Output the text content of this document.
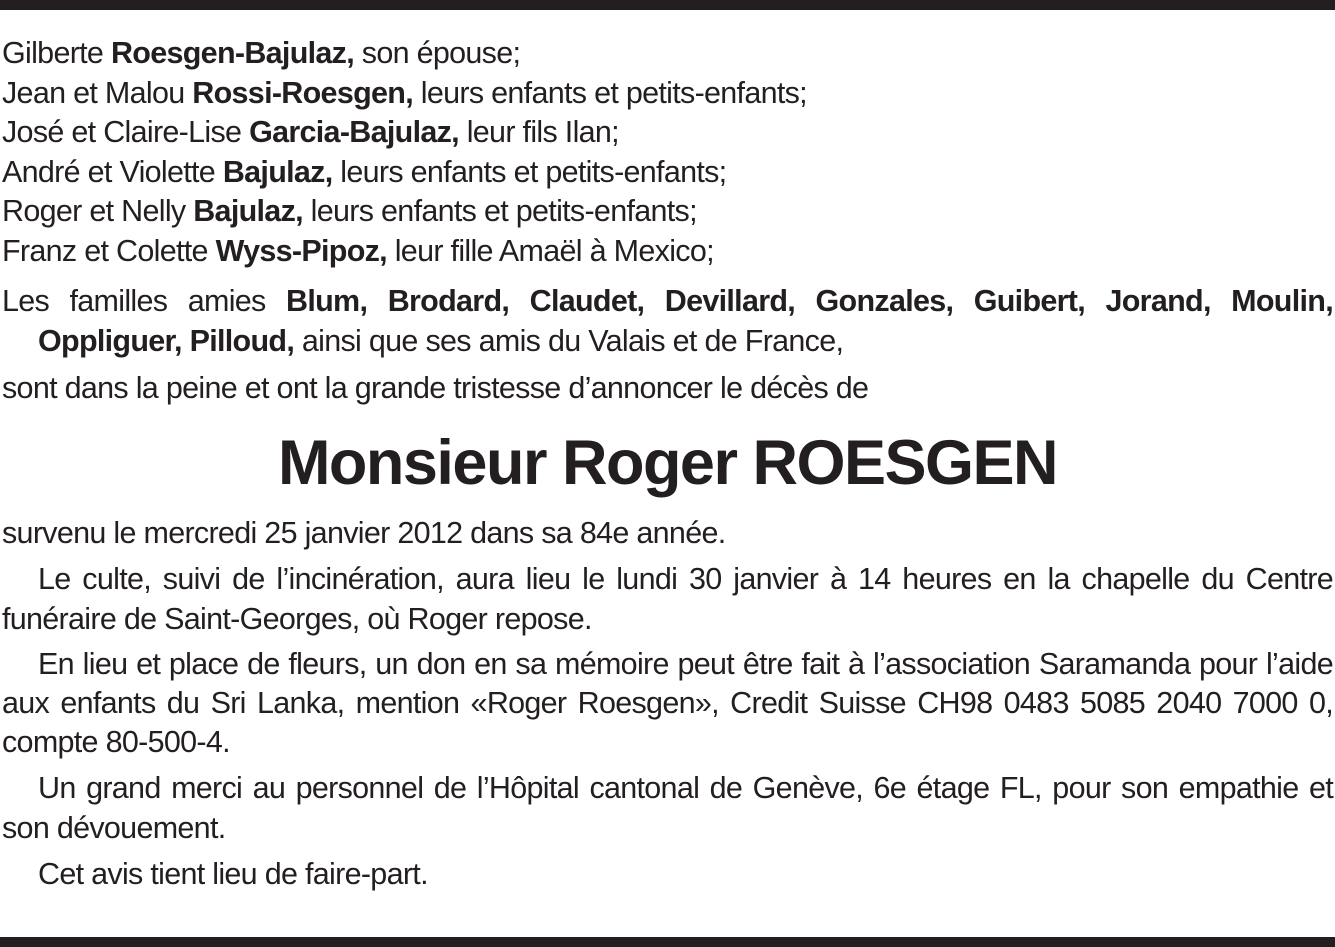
Gilberte Roesgen-Bajulaz, son épouse;
Jean et Malou Rossi-Roesgen, leurs enfants et petits-enfants;
José et Claire-Lise Garcia-Bajulaz, leur fils Ilan;
André et Violette Bajulaz, leurs enfants et petits-enfants;
Roger et Nelly Bajulaz, leurs enfants et petits-enfants;
Franz et Colette Wyss-Pipoz, leur fille Amaël à Mexico;
Les familles amies Blum, Brodard, Claudet, Devillard, Gonzales, Guibert, Jorand, Moulin, Oppliguer, Pilloud, ainsi que ses amis du Valais et de France,
sont dans la peine et ont la grande tristesse d’annoncer le décès de
Monsieur Roger ROESGEN
survenu le mercredi 25 janvier 2012 dans sa 84e année.
Le culte, suivi de l’incinération, aura lieu le lundi 30 janvier à 14 heures en la chapelle du Centre funéraire de Saint-Georges, où Roger repose.
En lieu et place de fleurs, un don en sa mémoire peut être fait à l’association Saramanda pour l’aide aux enfants du Sri Lanka, mention «Roger Roesgen», Credit Suisse CH98 0483 5085 2040 7000 0, compte 80-500-4.
Un grand merci au personnel de l’Hôpital cantonal de Genève, 6e étage FL, pour son empathie et son dévouement.
Cet avis tient lieu de faire-part.
